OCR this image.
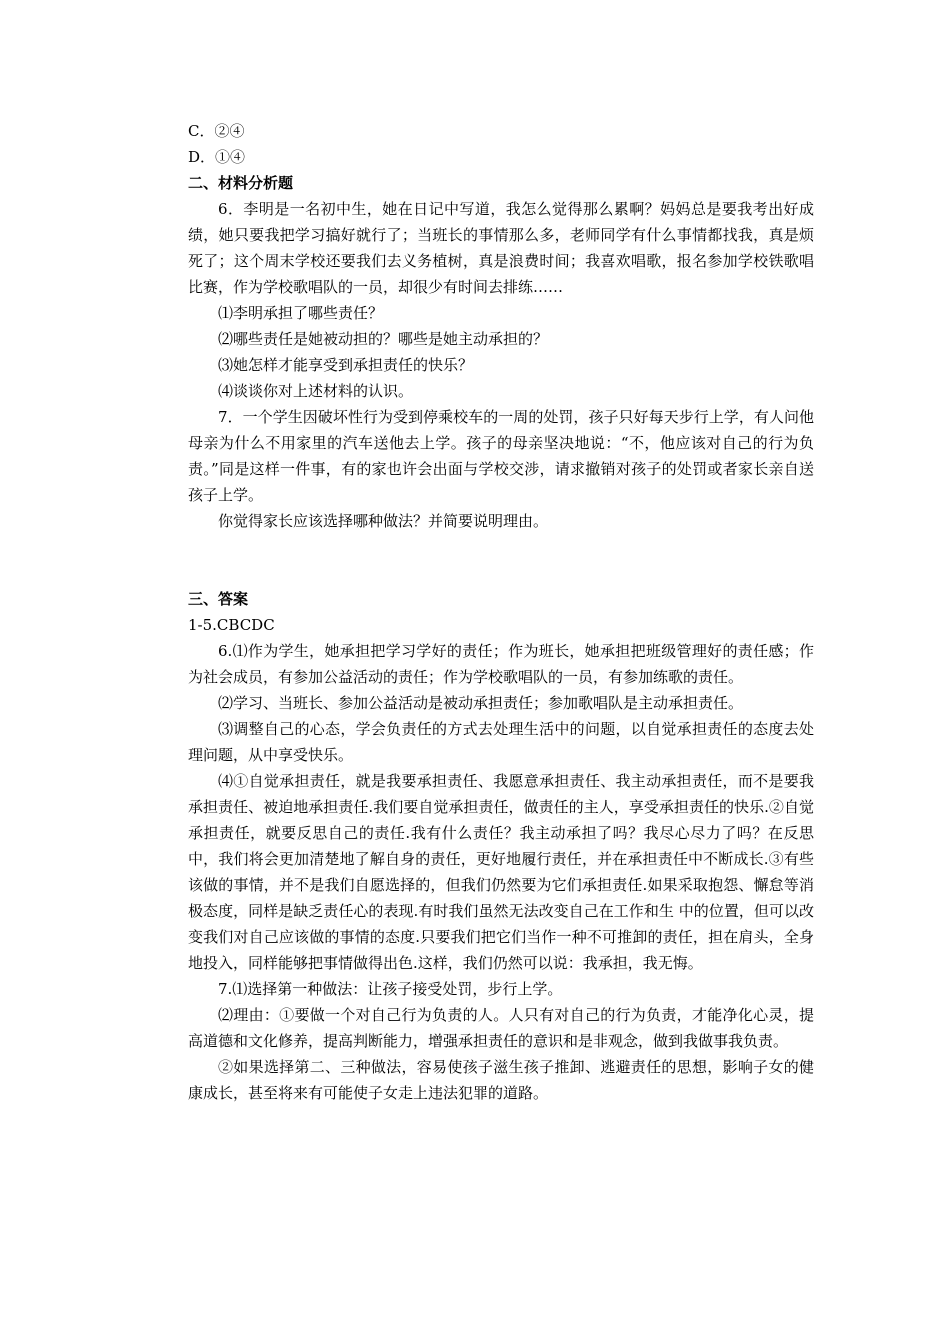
C．②④

D．①④

二、材料分析题

6．李明是一名初中生，她在日记中写道，我怎么觉得那么累啊？妈妈总是要我考出好成绩，她只要我把学习搞好就行了；当班长的事情那么多，老师同学有什么事情都找我，真是烦死了；这个周末学校还要我们去义务植树，真是浪费时间；我喜欢唱歌，报名参加学校铁歌唱比赛，作为学校歌唱队的一员，却很少有时间去排练……

⑴李明承担了哪些责任？

⑵哪些责任是她被动担的？哪些是她主动承担的？

⑶她怎样才能享受到承担责任的快乐？

⑷谈谈你对上述材料的认识。

7．一个学生因破坏性行为受到停乘校车的一周的处罚，孩子只好每天步行上学，有人问他母亲为什么不用家里的汽车送他去上学。孩子的母亲坚决地说：“不，他应该对自己的行为负责。”同是这样一件事，有的家也许会出面与学校交涉，请求撤销对孩子的处罚或者家长亲自送孩子上学。

你觉得家长应该选择哪种做法？并简要说明理由。

三、答案

1-5.CBCDC

6.⑴作为学生，她承担把学习学好的责任；作为班长，她承担把班级管理好的责任感；作为社会成员，有参加公益活动的责任；作为学校歌唱队的一员，有参加练歌的责任。

⑵学习、当班长、参加公益活动是被动承担责任；参加歌唱队是主动承担责任。

⑶调整自己的心态，学会负责任的方式去处理生活中的问题，以自觉承担责任的态度去处理问题，从中享受快乐。

⑷①自觉承担责任，就是我要承担责任、我愿意承担责任、我主动承担责任，而不是要我承担责任、被迫地承担责任.我们要自觉承担责任，做责任的主人，享受承担责任的快乐.②自觉承担责任，就要反思自己的责任.我有什么责任？我主动承担了吗？我尽心尽力了吗？在反思中，我们将会更加清楚地了解自身的责任，更好地履行责任，并在承担责任中不断成长.③有些该做的事情，并不是我们自愿选择的，但我们仍然要为它们承担责任.如果采取抱怨、懈怠等消极态度，同样是缺乏责任心的表现.有时我们虽然无法改变自己在工作和生 中的位置，但可以改变我们对自己应该做的事情的态度.只要我们把它们当作一种不可推卸的责任，担在肩头，全身地投入，同样能够把事情做得出色.这样，我们仍然可以说：我承担，我无悔。

7.⑴选择第一种做法：让孩子接受处罚，步行上学。

⑵理由：①要做一个对自己行为负责的人。人只有对自己的行为负责，才能净化心灵，提高道德和文化修养，提高判断能力，增强承担责任的意识和是非观念，做到我做事我负责。

②如果选择第二、三种做法，容易使孩子滋生孩子推卸、逃避责任的思想，影响子女的健康成长，甚至将来有可能使子女走上违法犯罪的道路。
